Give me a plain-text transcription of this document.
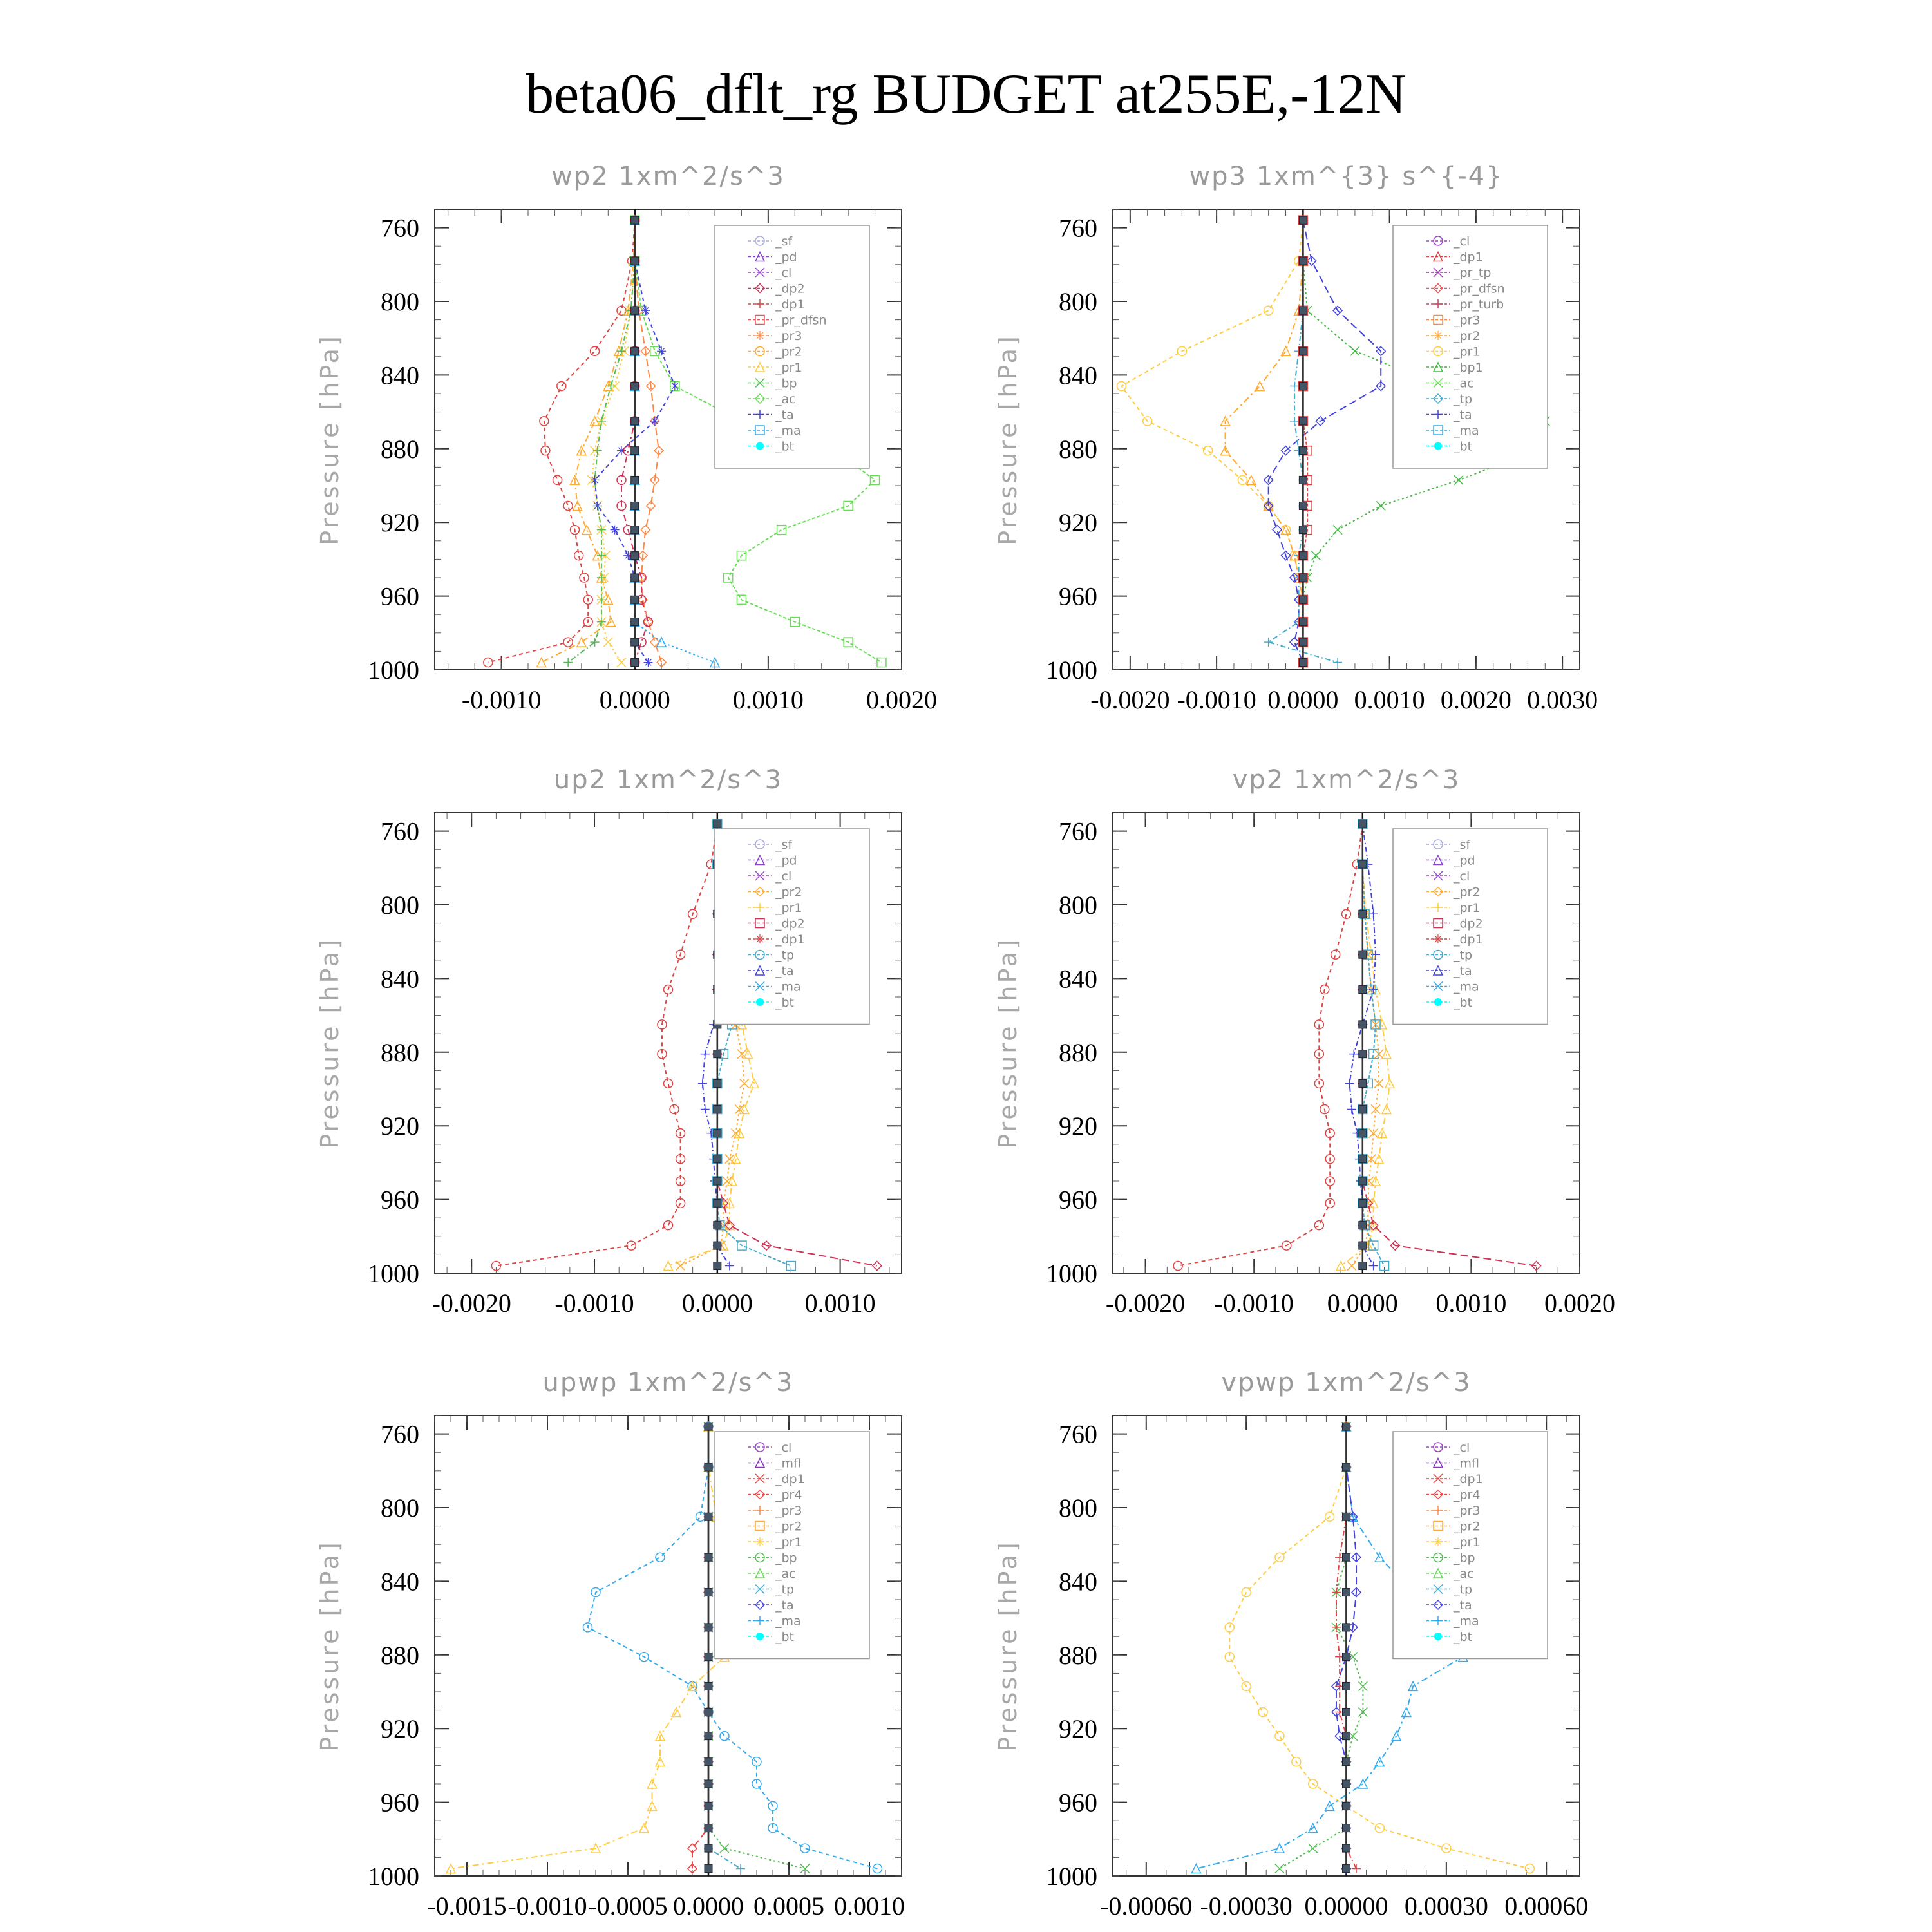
beta06_dflt_rg BUDGET at255E,-12N
wp2 1xm^2/s^3
Pressure [hPa]
760
800
840
880
920
960
1000
-0.0010 0.0000 0.0010 0.0020
_sf
_pd
_cl
_dp2
_dp1
_pr_dfsn
_pr3
_pr2
_pr1
_bp
_ac
_ta
_ma
_bt
wp3 1xm^{3} s^{-4}
Pressure [hPa]
760
800
840
880
920
960
1000
-0.0020 -0.0010 0.0000 0.0010 0.0020 0.0030
_cl
_dp1
_pr_tp
_pr_dfsn
_pr_turb
_pr3
_pr2
_pr1
_bp1
_ac
_tp
_ta
_ma
_bt
up2 1xm^2/s^3
Pressure [hPa]
760
800
840
880
920
960
1000
-0.0020 -0.0010 0.0000 0.0010
_sf
_pd
_cl
_pr2
_pr1
_dp2
_dp1
_tp
_ta
_ma
_bt
vp2 1xm^2/s^3
Pressure [hPa]
760
800
840
880
920
960
1000
-0.0020 -0.0010 0.0000 0.0010 0.0020
_sf
_pd
_cl
_pr2
_pr1
_dp2
_dp1
_tp
_ta
_ma
_bt
upwp 1xm^2/s^3
Pressure [hPa]
760
800
840
880
920
960
1000
-0.0015 -0.0010 -0.0005 0.0000 0.0005 0.0010
_cl
_mfl
_dp1
_pr4
_pr3
_pr2
_pr1
_bp
_ac
_tp
_ta
_ma
_bt
vpwp 1xm^2/s^3
Pressure [hPa]
760
800
840
880
920
960
1000
-0.00060 -0.00030 0.00000 0.00030 0.00060
_cl
_mfl
_dp1
_pr4
_pr3
_pr2
_pr1
_bp
_ac
_tp
_ta
_ma
_bt
